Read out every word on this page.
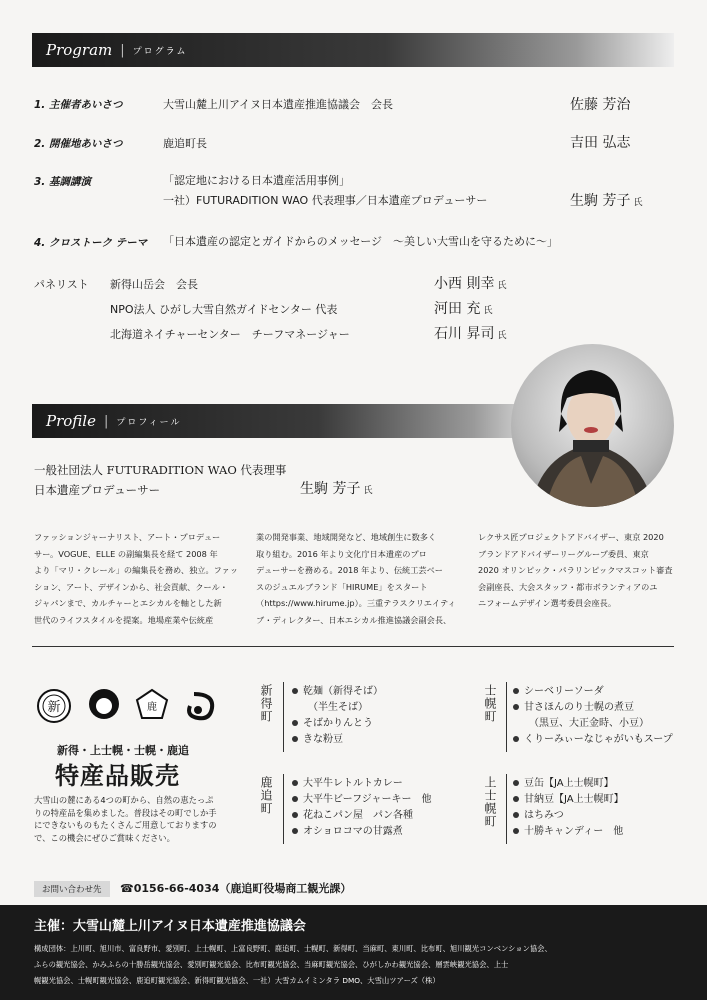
Program | プログラム
1. 主催者あいさつ	大雪山麓上川アイヌ日本遺産推進協議会　会長	佐藤 芳治
2. 開催地あいさつ	鹿追町長	吉田 弘志
3. 基調講演	「認定地における日本遺産活用事例」
一社）FUTURADITION WAO 代表理事／日本遺産プロデューサー	生駒 芳子 氏
4. クロストーク テーマ 「日本遺産の認定とガイドからのメッセージ　～美しい大雪山を守るために～」
パネリスト 新得山岳会　会長	小西 則幸 氏
NPO法人 ひがし大雪自然ガイドセンター 代表	河田 充 氏
北海道ネイチャーセンター　チーフマネージャー	石川 昇司 氏
Profile | プロフィール
一般社団法人 FUTURADITION WAO 代表理事
日本遺産プロデューサー	生駒 芳子 氏
ファッションジャーナリスト、アート・プロデュー
サー。VOGUE、ELLE の副編集長を経て 2008 年
より「マリ・クレール」の編集長を務め、独立。ファッ
ション、アート、デザインから、社会貢献、クール・
ジャパンまで、カルチャーとエシカルを軸とした新
世代のライフスタイルを提案。地場産業や伝統産
業の開発事業、地域開発など、地域創生に数多く
取り組む。2016 年より文化庁日本遺産のプロ
デューサーを務める。2018 年より、伝統工芸ベー
スのジュエルブランド「HIRUME」をスタート
（https://www.hirume.jp）。三重テラスクリエイティ
ブ・ディレクター、日本エシカル推進協議会副会長、
レクサス匠プロジェクトアドバイザー、東京 2020
ブランドアドバイザーリーグループ委員、東京
2020 オリンピック・パラリンピックマスコット審査
会副座長、大会スタッフ・都市ボランティアのユ
ニフォームデザイン選考委員会座長。
新	鹿
新得・上士幌・士幌・鹿追
特産品販売
大雪山の麓にある4つの町から、自然の恵たっぷ
りの特産品を集めました。普段はその町でしか手
にできないものもたくさんご用意しておりますの
で、この機会にぜひご賞味ください。
新得町	乾麺（新得そば）
　（半生そば）
そばかりんとう
きな粉豆
士幌町	シーベリーソーダ
甘さほんのり士幌の煮豆
　（黒豆、大正金時、小豆）
くりーみぃーなじゃがいもスープ
鹿追町	大平牛レトルトカレー
大平牛ビーフジャーキー　他
花ねこパン屋　パン各種
オショロコマの甘露煮
上士幌町	豆缶【JA上士幌町】
甘納豆【JA上士幌町】
はちみつ
十勝キャンディー　他
お問い合わせ先	☎0156-66-4034（鹿追町役場商工観光課）
主催：大雪山麓上川アイヌ日本遺産推進協議会
構成団体：上川町、旭川市、富良野市、愛別町、上士幌町、上富良野町、鹿追町、士幌町、新得町、当麻町、東川町、比布町、旭川観光コンベンション協会、
ふらの観光協会、かみふらの十勝岳観光協会、愛別町観光協会、比布町観光協会、当麻町観光協会、ひがしかわ観光協会、層雲峡観光協会、上士
幌観光協会、士幌町観光協会、鹿追町観光協会、新得町観光協会、一社）大雪カムイミンタラ DMO、大雪山ツアーズ（株）
